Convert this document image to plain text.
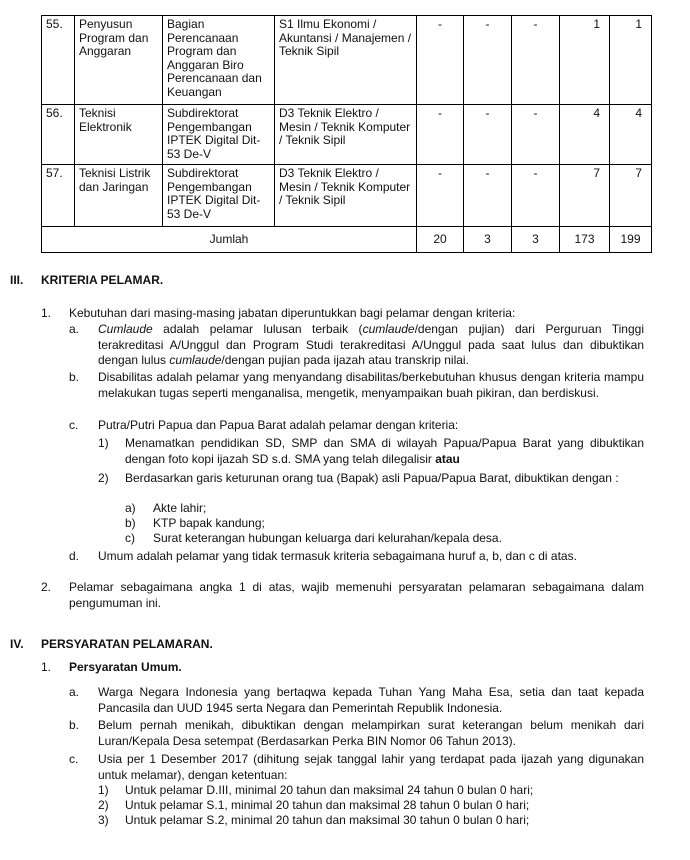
55.	Penyusun Program dan Anggaran	Bagian Perencanaan Program dan Anggaran Biro Perencanaan dan Keuangan	S1 Ilmu Ekonomi / Akuntansi / Manajemen / Teknik Sipil	-	-	-	1	1
56.	Teknisi Elektronik	Subdirektorat Pengembangan IPTEK Digital Dit-53 De-V	D3 Teknik Elektro / Mesin / Teknik Komputer / Teknik Sipil	-	-	-	4	4
57.	Teknisi Listrik dan Jaringan	Subdirektorat Pengembangan IPTEK Digital Dit-53 De-V	D3 Teknik Elektro / Mesin / Teknik Komputer / Teknik Sipil	-	-	-	7	7
Jumlah				20	3	3	173	199
III. KRITERIA PELAMAR.
1. Kebutuhan dari masing-masing jabatan diperuntukkan bagi pelamar dengan kriteria:
a. Cumlaude adalah pelamar lulusan terbaik (cumlaude/dengan pujian) dari Perguruan Tinggi terakreditasi A/Unggul dan Program Studi terakreditasi A/Unggul pada saat lulus dan dibuktikan dengan lulus cumlaude/dengan pujian pada ijazah atau transkrip nilai.
b. Disabilitas adalah pelamar yang menyandang disabilitas/berkebutuhan khusus dengan kriteria mampu melakukan tugas seperti menganalisa, mengetik, menyampaikan buah pikiran, dan berdiskusi.
c. Putra/Putri Papua dan Papua Barat adalah pelamar dengan kriteria:
1) Menamatkan pendidikan SD, SMP dan SMA di wilayah Papua/Papua Barat yang dibuktikan dengan foto kopi ijazah SD s.d. SMA yang telah dilegalisir atau
2) Berdasarkan garis keturunan orang tua (Bapak) asli Papua/Papua Barat, dibuktikan dengan :
a) Akte lahir;
b) KTP bapak kandung;
c) Surat keterangan hubungan keluarga dari kelurahan/kepala desa.
d. Umum adalah pelamar yang tidak termasuk kriteria sebagaimana huruf a, b, dan c di atas.
2. Pelamar sebagaimana angka 1 di atas, wajib memenuhi persyaratan pelamaran sebagaimana dalam pengumuman ini.
IV. PERSYARATAN PELAMARAN.
1. Persyaratan Umum.
a. Warga Negara Indonesia yang bertaqwa kepada Tuhan Yang Maha Esa, setia dan taat kepada Pancasila dan UUD 1945 serta Negara dan Pemerintah Republik Indonesia.
b. Belum pernah menikah, dibuktikan dengan melampirkan surat keterangan belum menikah dari Luran/Kepala Desa setempat (Berdasarkan Perka BIN Nomor 06 Tahun 2013).
c. Usia per 1 Desember 2017 (dihitung sejak tanggal lahir yang terdapat pada ijazah yang digunakan untuk melamar), dengan ketentuan:
1) Untuk pelamar D.III, minimal 20 tahun dan maksimal 24 tahun 0 bulan 0 hari;
2) Untuk pelamar S.1, minimal 20 tahun dan maksimal 28 tahun 0 bulan 0 hari;
3) Untuk pelamar S.2, minimal 20 tahun dan maksimal 30 tahun 0 bulan 0 hari;
